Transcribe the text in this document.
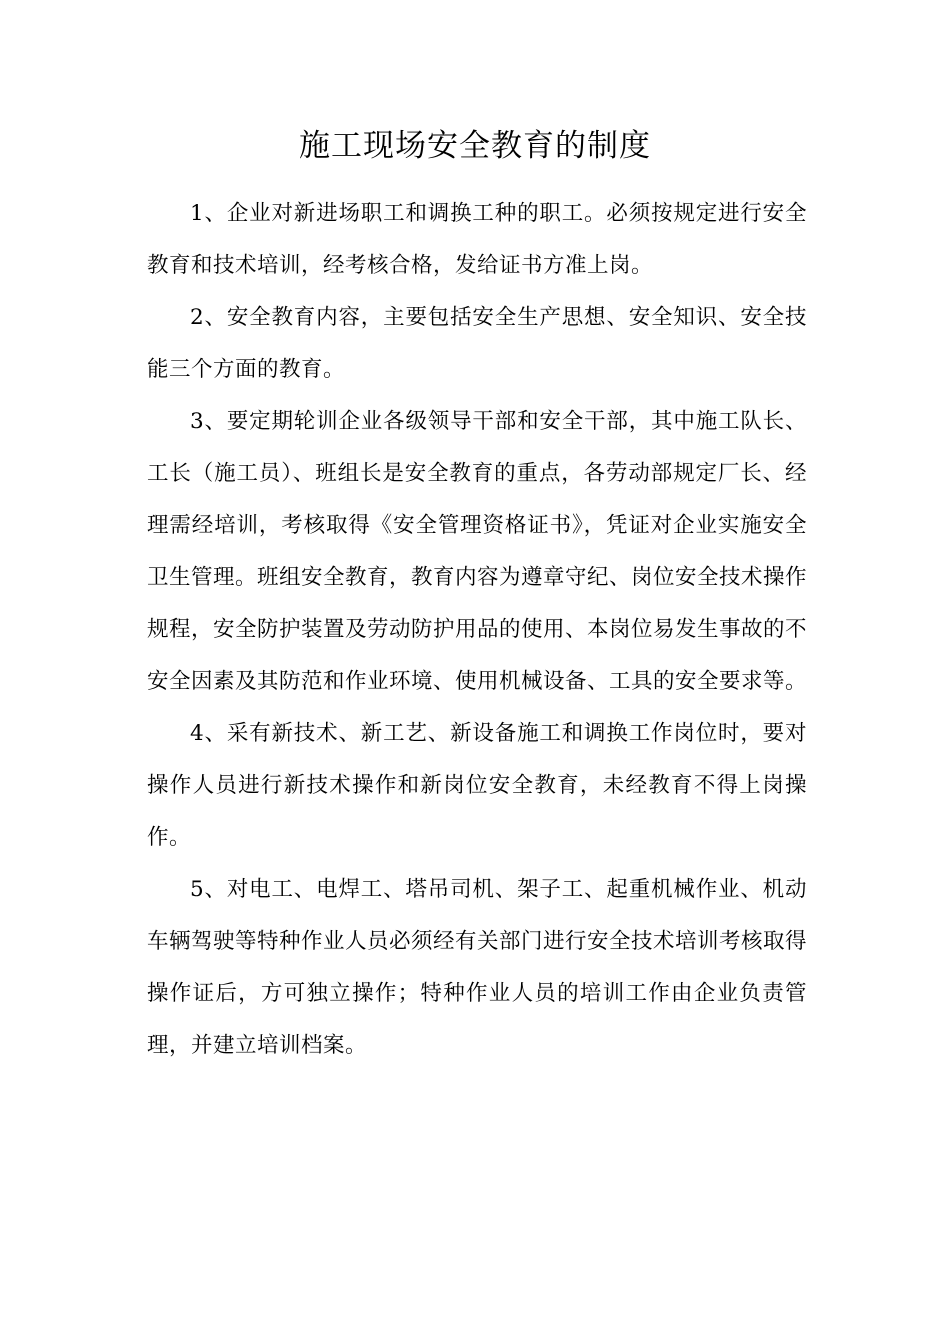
施工现场安全教育的制度

1、企业对新进场职工和调换工种的职工。必须按规定进行安全教育和技术培训，经考核合格，发给证书方准上岗。

2、安全教育内容，主要包括安全生产思想、安全知识、安全技能三个方面的教育。

3、要定期轮训企业各级领导干部和安全干部，其中施工队长、工长（施工员）、班组长是安全教育的重点，各劳动部规定厂长、经理需经培训，考核取得《安全管理资格证书》，凭证对企业实施安全卫生管理。班组安全教育，教育内容为遵章守纪、岗位安全技术操作规程，安全防护装置及劳动防护用品的使用、本岗位易发生事故的不安全因素及其防范和作业环境、使用机械设备、工具的安全要求等。

4、采有新技术、新工艺、新设备施工和调换工作岗位时，要对操作人员进行新技术操作和新岗位安全教育，未经教育不得上岗操作。

5、对电工、电焊工、塔吊司机、架子工、起重机械作业、机动车辆驾驶等特种作业人员必须经有关部门进行安全技术培训考核取得操作证后，方可独立操作；特种作业人员的培训工作由企业负责管理，并建立培训档案。
